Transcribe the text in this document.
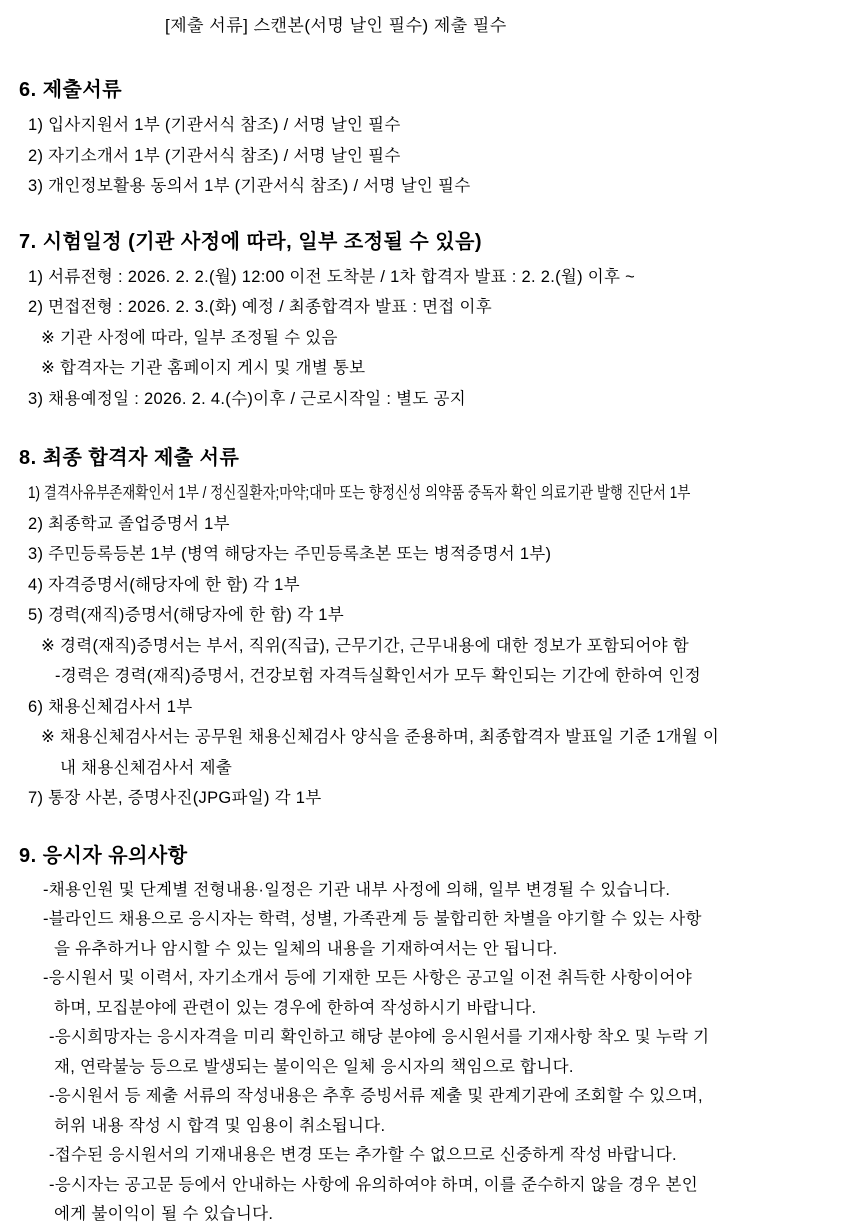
[제출 서류] 스캔본(서명 날인 필수) 제출 필수
6. 제출서류
1) 입사지원서 1부 (기관서식 참조) / 서명 날인 필수
2) 자기소개서 1부 (기관서식 참조) / 서명 날인 필수
3) 개인정보활용 동의서 1부 (기관서식 참조) / 서명 날인 필수
7. 시험일정 (기관 사정에 따라, 일부 조정될 수 있음)
1) 서류전형 : 2026. 2. 2.(월) 12:00 이전 도착분 / 1차 합격자 발표 : 2. 2.(월) 이후 ~
2) 면접전형 : 2026. 2. 3.(화) 예정 / 최종합격자 발표 : 면접 이후
※ 기관 사정에 따라, 일부 조정될 수 있음
※ 합격자는 기관 홈페이지 게시 및 개별 통보
3) 채용예정일 : 2026. 2. 4.(수)이후 / 근로시작일 : 별도 공지
8. 최종 합격자 제출 서류
1) 결격사유부존재확인서 1부 / 정신질환자;마약;대마 또는 향정신성 의약품 중독자 확인 의료기관 발행 진단서 1부
2) 최종학교 졸업증명서 1부
3) 주민등록등본 1부 (병역 해당자는 주민등록초본 또는 병적증명서 1부)
4) 자격증명서(해당자에 한 함) 각 1부
5) 경력(재직)증명서(해당자에 한 함) 각 1부
※ 경력(재직)증명서는 부서, 직위(직급), 근무기간, 근무내용에 대한 정보가 포함되어야 함
-경력은 경력(재직)증명서, 건강보험 자격득실확인서가 모두 확인되는 기간에 한하여 인정
6) 채용신체검사서 1부
※ 채용신체검사서는 공무원 채용신체검사 양식을 준용하며, 최종합격자 발표일 기준 1개월 이
내 채용신체검사서 제출
7) 통장 사본, 증명사진(JPG파일) 각 1부
9. 응시자 유의사항
-채용인원 및 단계별 전형내용·일정은 기관 내부 사정에 의해, 일부 변경될 수 있습니다.
-블라인드 채용으로 응시자는 학력, 성별, 가족관계 등 불합리한 차별을 야기할 수 있는 사항
을 유추하거나 암시할 수 있는 일체의 내용을 기재하여서는 안 됩니다.
-응시원서 및 이력서, 자기소개서 등에 기재한 모든 사항은 공고일 이전 취득한 사항이어야
하며, 모집분야에 관련이 있는 경우에 한하여 작성하시기 바랍니다.
-응시희망자는 응시자격을 미리 확인하고 해당 분야에 응시원서를 기재사항 착오 및 누락 기
재, 연락불능 등으로 발생되는 불이익은 일체 응시자의 책임으로 합니다.
-응시원서 등 제출 서류의 작성내용은 추후 증빙서류 제출 및 관계기관에 조회할 수 있으며,
허위 내용 작성 시 합격 및 임용이 취소됩니다.
-접수된 응시원서의 기재내용은 변경 또는 추가할 수 없으므로 신중하게 작성 바랍니다.
-응시자는 공고문 등에서 안내하는 사항에 유의하여야 하며, 이를 준수하지 않을 경우 본인
에게 불이익이 될 수 있습니다.
